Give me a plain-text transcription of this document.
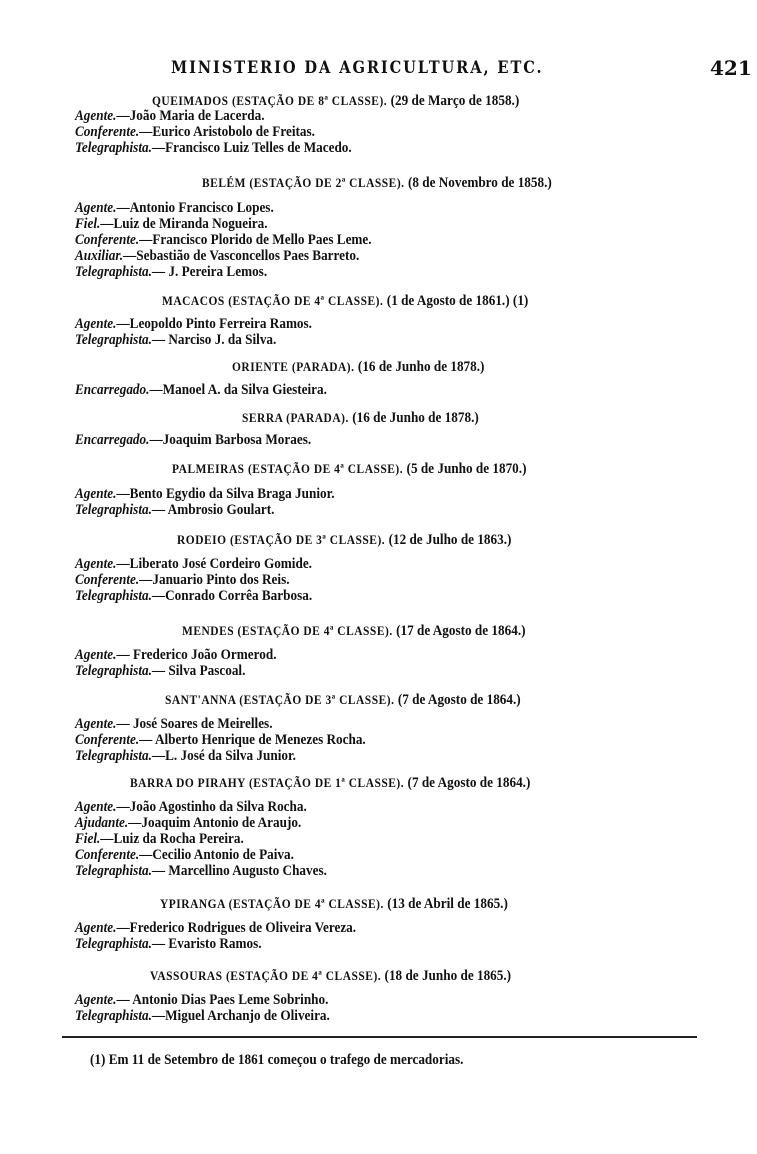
MINISTERIO DA AGRICULTURA, ETC.	421
QUEIMADOS (ESTAÇÃO DE 8ª CLASSE). (29 de Março de 1858.)
Agente.—João Maria de Lacerda.
Conferente.—Eurico Aristobolo de Freitas.
Telegraphista.—Francisco Luiz Telles de Macedo.
BELÉM (ESTAÇÃO DE 2ª CLASSE). (8 de Novembro de 1858.)
Agente.—Antonio Francisco Lopes.
Fiel.—Luiz de Miranda Nogueira.
Conferente.—Francisco Plorido de Mello Paes Leme.
Auxiliar.—Sebastião de Vasconcellos Paes Barreto.
Telegraphista.— J. Pereira Lemos.
MACACOS (ESTAÇÃO DE 4ª CLASSE). (1 de Agosto de 1861.) (1)
Agente.—Leopoldo Pinto Ferreira Ramos.
Telegraphista.— Narciso J. da Silva.
ORIENTE (PARADA). (16 de Junho de 1878.)
Encarregado.—Manoel A. da Silva Giesteira.
SERRA (PARADA). (16 de Junho de 1878.)
Encarregado.—Joaquim Barbosa Moraes.
PALMEIRAS (ESTAÇÃO DE 4ª CLASSE). (5 de Junho de 1870.)
Agente.—Bento Egydio da Silva Braga Junior.
Telegraphista.— Ambrosio Goulart.
RODEIO (ESTAÇÃO DE 3ª CLASSE). (12 de Julho de 1863.)
Agente.—Liberato José Cordeiro Gomide.
Conferente.—Januario Pinto dos Reis.
Telegraphista.—Conrado Corrêa Barbosa.
MENDES (ESTAÇÃO DE 4ª CLASSE). (17 de Agosto de 1864.)
Agente.— Frederico João Ormerod.
Telegraphista.— Silva Pascoal.
SANT'ANNA (ESTAÇÃO DE 3ª CLASSE). (7 de Agosto de 1864.)
Agente.— José Soares de Meirelles.
Conferente.— Alberto Henrique de Menezes Rocha.
Telegraphista.—L. José da Silva Junior.
BARRA DO PIRAHY (ESTAÇÃO DE 1ª CLASSE). (7 de Agosto de 1864.)
Agente.—João Agostinho da Silva Rocha.
Ajudante.—Joaquim Antonio de Araujo.
Fiel.—Luiz da Rocha Pereira.
Conferente.—Cecilio Antonio de Paiva.
Telegraphista.— Marcellino Augusto Chaves.
YPIRANGA (ESTAÇÃO DE 4ª CLASSE). (13 de Abril de 1865.)
Agente.—Frederico Rodrigues de Oliveira Vereza.
Telegraphista.— Evaristo Ramos.
VASSOURAS (ESTAÇÃO DE 4ª CLASSE). (18 de Junho de 1865.)
Agente.— Antonio Dias Paes Leme Sobrinho.
Telegraphista.—Miguel Archanjo de Oliveira.
(1) Em 11 de Setembro de 1861 começou o trafego de mercadorias.
